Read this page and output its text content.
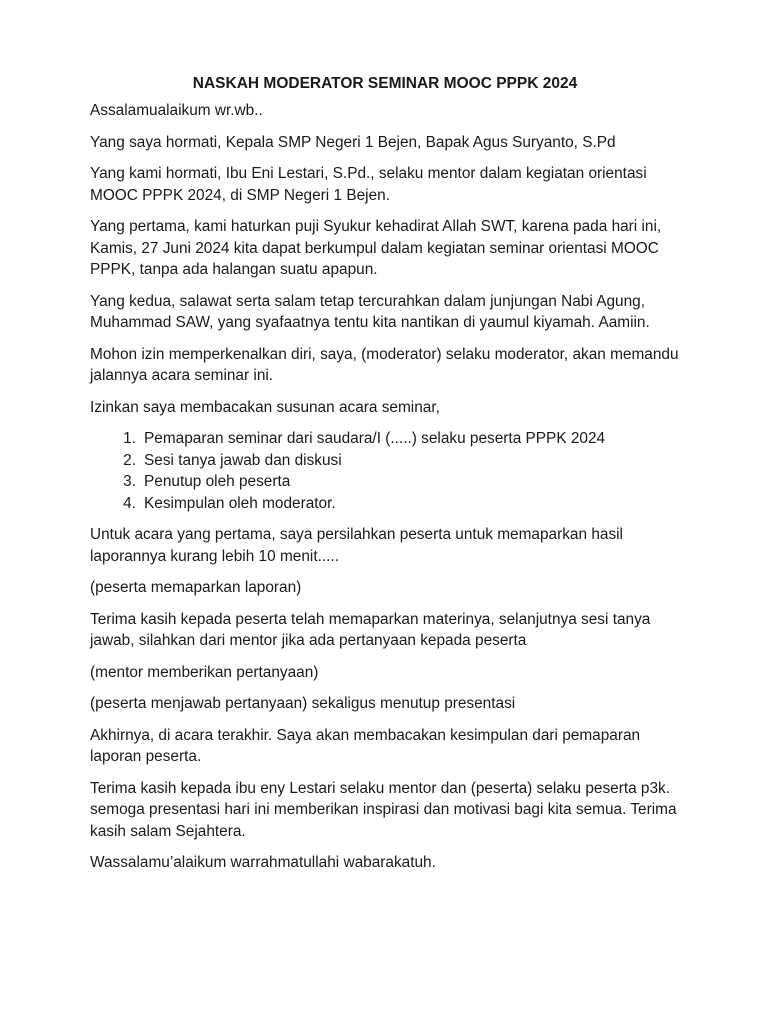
NASKAH MODERATOR SEMINAR MOOC PPPK 2024

Assalamualaikum wr.wb..

Yang saya hormati, Kepala SMP Negeri 1 Bejen, Bapak Agus Suryanto, S.Pd

Yang kami hormati, Ibu Eni Lestari, S.Pd., selaku mentor dalam kegiatan orientasi MOOC PPPK 2024, di SMP Negeri 1 Bejen.

Yang pertama, kami haturkan puji Syukur kehadirat Allah SWT, karena pada hari ini, Kamis, 27 Juni 2024 kita dapat berkumpul dalam kegiatan seminar orientasi MOOC PPPK, tanpa ada halangan suatu apapun.

Yang kedua, salawat serta salam tetap tercurahkan dalam junjungan Nabi Agung, Muhammad SAW, yang syafaatnya tentu kita nantikan di yaumul kiyamah. Aamiin.

Mohon izin memperkenalkan diri, saya, (moderator) selaku moderator, akan memandu jalannya acara seminar ini.

Izinkan saya membacakan susunan acara seminar,

1. Pemaparan seminar dari saudara/I (.....) selaku peserta PPPK 2024
2. Sesi tanya jawab dan diskusi
3. Penutup oleh peserta
4. Kesimpulan oleh moderator.

Untuk acara yang pertama, saya persilahkan peserta untuk memaparkan hasil laporannya kurang lebih 10 menit.....

(peserta memaparkan laporan)

Terima kasih kepada peserta telah memaparkan materinya, selanjutnya sesi tanya jawab, silahkan dari mentor jika ada pertanyaan kepada peserta

(mentor memberikan pertanyaan)

(peserta menjawab pertanyaan) sekaligus menutup presentasi

Akhirnya, di acara terakhir. Saya akan membacakan kesimpulan dari pemaparan laporan peserta.

Terima kasih kepada ibu eny Lestari selaku mentor dan (peserta) selaku peserta p3k. semoga presentasi hari ini memberikan inspirasi dan motivasi bagi kita semua. Terima kasih salam Sejahtera.

Wassalamu’alaikum warrahmatullahi wabarakatuh.
